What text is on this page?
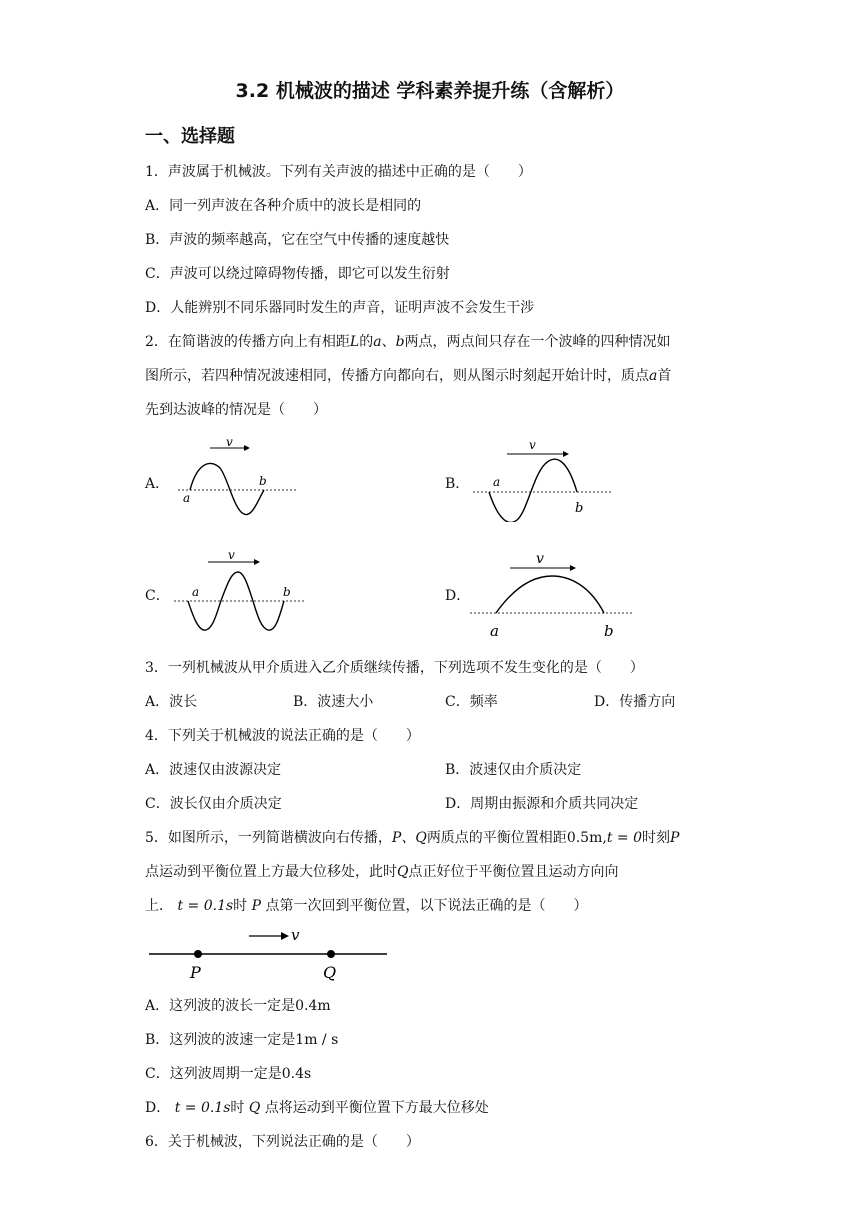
3.2 机械波的描述 学科素养提升练（含解析）
一、选择题
1．声波属于机械波。下列有关声波的描述中正确的是（　　）
A．同一列声波在各种介质中的波长是相同的
B．声波的频率越高，它在空气中传播的速度越快
C．声波可以绕过障碍物传播，即它可以发生衍射
D．人能辨别不同乐器同时发生的声音，证明声波不会发生干涉
2．在简谐波的传播方向上有相距L的a、b两点，两点间只存在一个波峰的四种情况如
图所示，若四种情况波速相同，传播方向都向右，则从图示时刻起开始计时，质点a首
先到达波峰的情况是（　　）
A．	B．
C．	D．
v
a
b
v
a
b
v
a	b
v
a	b
3．一列机械波从甲介质进入乙介质继续传播，下列选项不发生变化的是（　　）
A．波长	B．波速大小	C．频率	D．传播方向
4．下列关于机械波的说法正确的是（　　）
A．波速仅由波源决定	B．波速仅由介质决定
C．波长仅由介质决定	D．周期由振源和介质共同决定
5．如图所示，一列简谐横波向右传播，P、Q两质点的平衡位置相距0.5m,t = 0时刻P
点运动到平衡位置上方最大位移处，此时Q点正好位于平衡位置且运动方向向
上． t = 0.1s时 P 点第一次回到平衡位置，以下说法正确的是（　　）
v
P	Q
A．这列波的波长一定是0.4m
B．这列波的波速一定是1m / s
C．这列波周期一定是0.4s
D． t = 0.1s时 Q 点将运动到平衡位置下方最大位移处
6．关于机械波，下列说法正确的是（　　）
